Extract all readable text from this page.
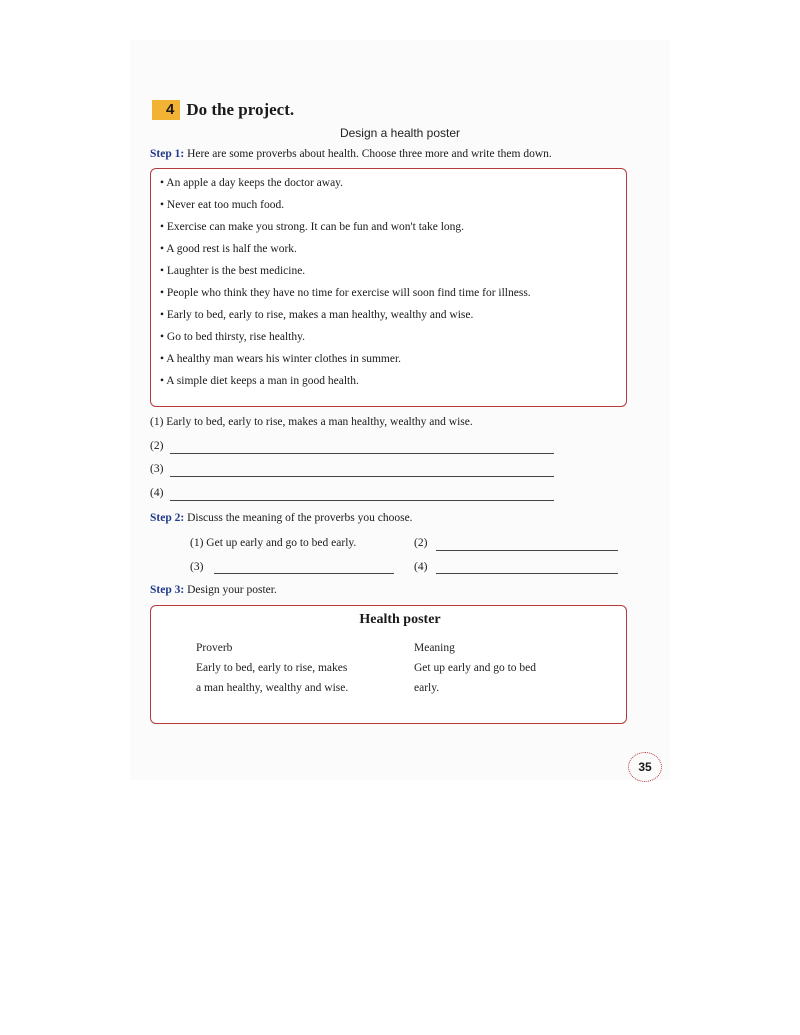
4 Do the project.
Design a health poster
Step 1: Here are some proverbs about health. Choose three more and write them down.
• An apple a day keeps the doctor away.
• Never eat too much food.
• Exercise can make you strong. It can be fun and won't take long.
• A good rest is half the work.
• Laughter is the best medicine.
• People who think they have no time for exercise will soon find time for illness.
• Early to bed, early to rise, makes a man healthy, wealthy and wise.
• Go to bed thirsty, rise healthy.
• A healthy man wears his winter clothes in summer.
• A simple diet keeps a man in good health.
(1) Early to bed, early to rise, makes a man healthy, wealthy and wise.
(2)
(3)
(4)
Step 2: Discuss the meaning of the proverbs you choose.
(1) Get up early and go to bed early.	(2)
(3)	(4)
Step 3: Design your poster.
Health poster
Proverb
Early to bed, early to rise, makes
a man healthy, wealthy and wise.
Meaning
Get up early and go to bed
early.
35
